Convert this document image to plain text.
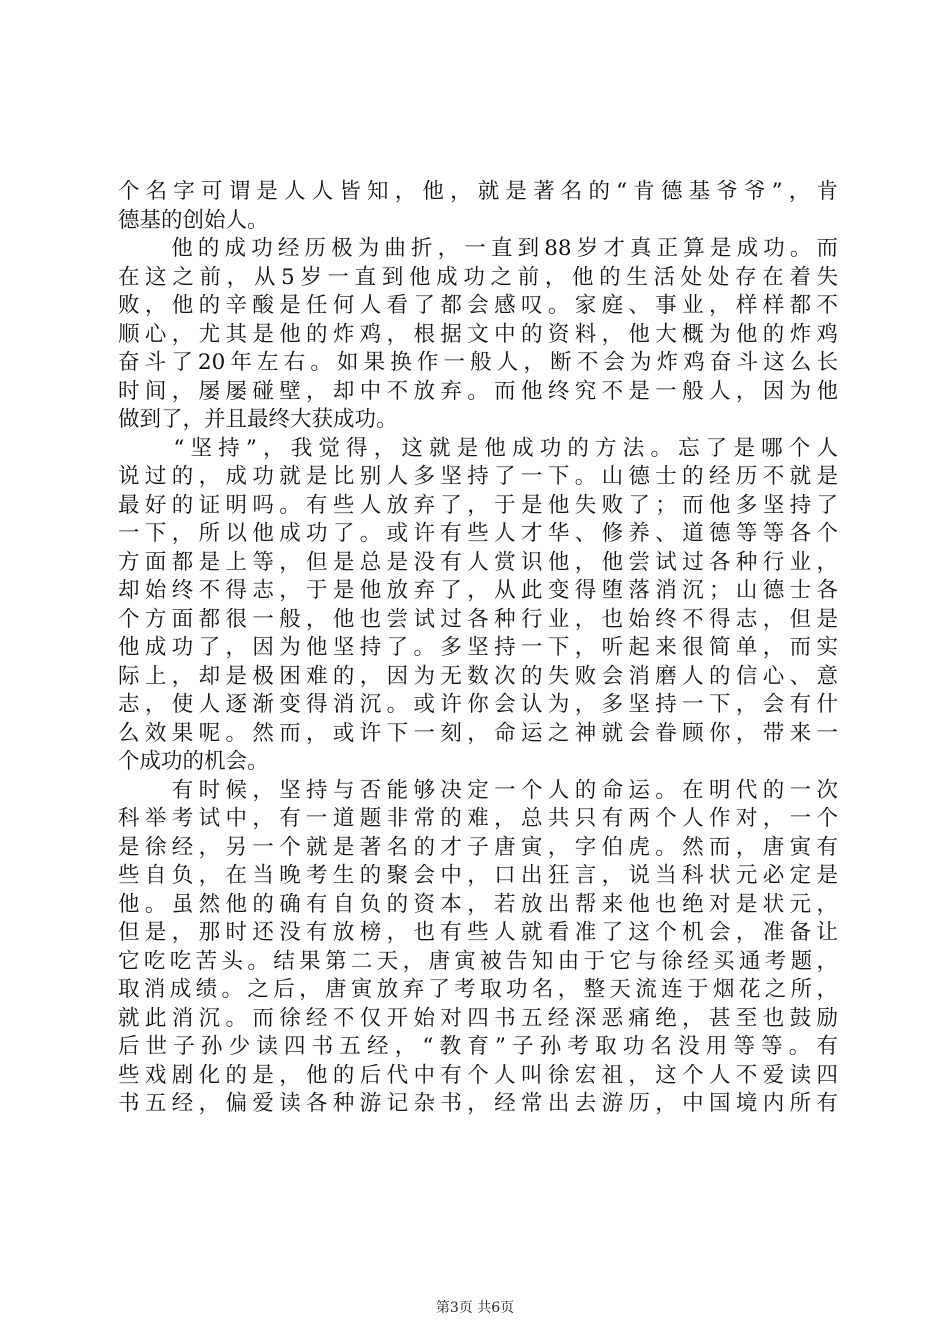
个名字可谓是人人皆知，他，就是著名的“肯德基爷爷”，肯
德基的创始人。
　　他的成功经历极为曲折，一直到88岁才真正算是成功。而
在这之前，从5岁一直到他成功之前，他的生活处处存在着失
败，他的辛酸是任何人看了都会感叹。家庭、事业，样样都不
顺心，尤其是他的炸鸡，根据文中的资料，他大概为他的炸鸡
奋斗了20年左右。如果换作一般人，断不会为炸鸡奋斗这么长
时间，屡屡碰壁，却中不放弃。而他终究不是一般人，因为他
做到了，并且最终大获成功。
　　“坚持”，我觉得，这就是他成功的方法。忘了是哪个人
说过的，成功就是比别人多坚持了一下。山德士的经历不就是
最好的证明吗。有些人放弃了，于是他失败了；而他多坚持了
一下，所以他成功了。或许有些人才华、修养、道德等等各个
方面都是上等，但是总是没有人赏识他，他尝试过各种行业，
却始终不得志，于是他放弃了，从此变得堕落消沉；山德士各
个方面都很一般，他也尝试过各种行业，也始终不得志，但是
他成功了，因为他坚持了。多坚持一下，听起来很简单，而实
际上，却是极困难的，因为无数次的失败会消磨人的信心、意
志，使人逐渐变得消沉。或许你会认为，多坚持一下，会有什
么效果呢。然而，或许下一刻，命运之神就会眷顾你，带来一
个成功的机会。
　　有时候，坚持与否能够决定一个人的命运。在明代的一次
科举考试中，有一道题非常的难，总共只有两个人作对，一个
是徐经，另一个就是著名的才子唐寅，字伯虎。然而，唐寅有
些自负，在当晚考生的聚会中，口出狂言，说当科状元必定是
他。虽然他的确有自负的资本，若放出帮来他也绝对是状元，
但是，那时还没有放榜，也有些人就看准了这个机会，准备让
它吃吃苦头。结果第二天，唐寅被告知由于它与徐经买通考题，
取消成绩。之后，唐寅放弃了考取功名，整天流连于烟花之所，
就此消沉。而徐经不仅开始对四书五经深恶痛绝，甚至也鼓励
后世子孙少读四书五经，“教育”子孙考取功名没用等等。有
些戏剧化的是，他的后代中有个人叫徐宏祖，这个人不爱读四
书五经，偏爱读各种游记杂书，经常出去游历，中国境内所有
第3页 共6页
